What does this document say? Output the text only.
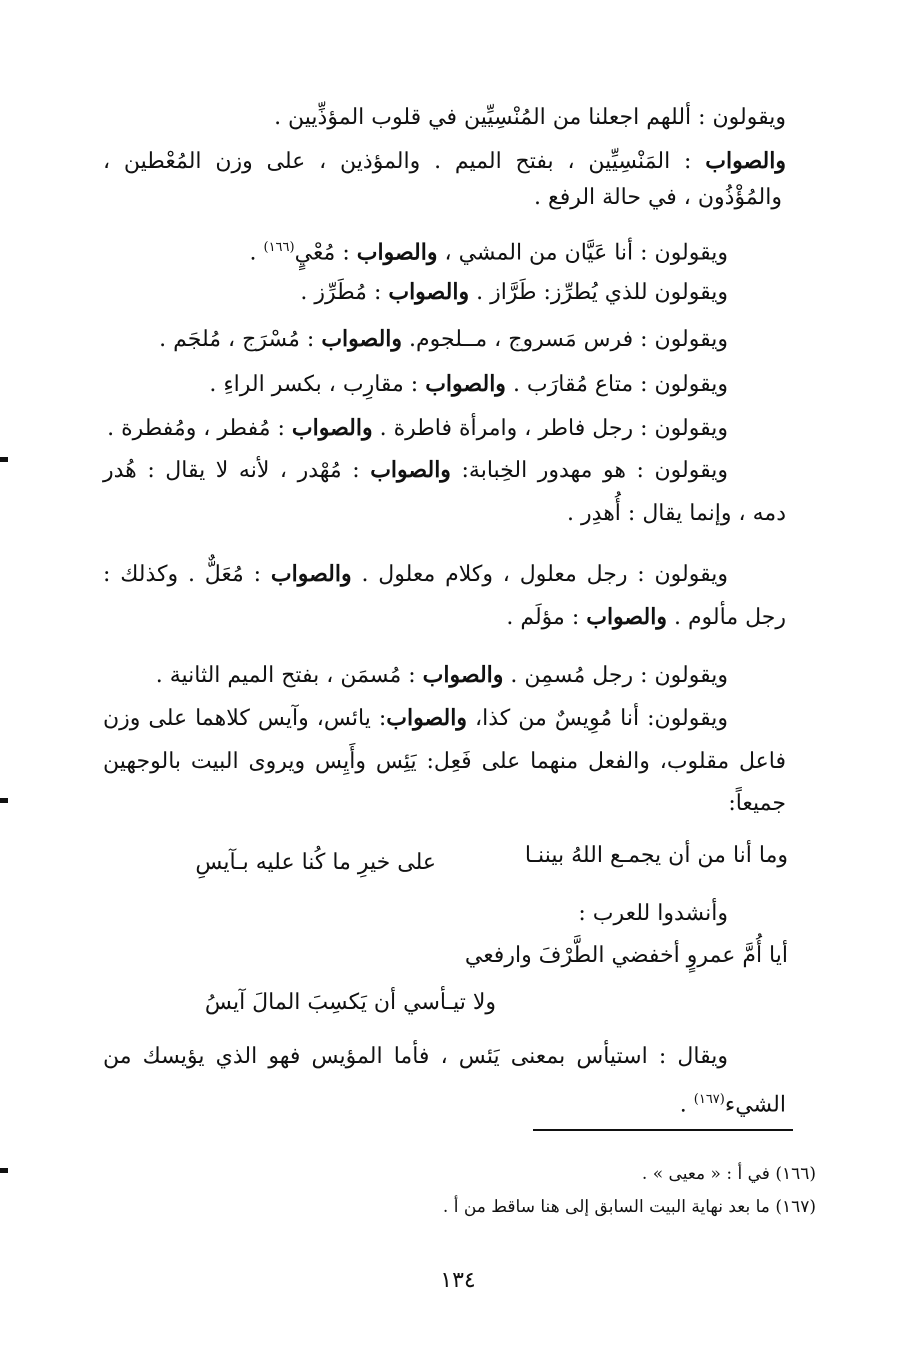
ويقولون : أللهم اجعلنا من المُنْسِيِّين في قلوب المؤذِّيين .
والصواب : المَنْسِيِّين ، بفتح الميم . والمؤذين ، على وزن المُعْطين ،
والمُؤْذُون ، في حالة الرفع .
ويقولون : أنا عَيَّان من المشي ، والصواب : مُعْيٍ$^{(١٦٦)}$ .
ويقولون للذي يُطرِّز: طَرَّاز . والصواب : مُطَرِّز .
ويقولون : فرس مَسروج ، مــلجوم. والصواب : مُسْرَج ، مُلجَم .
ويقولون : متاع مُقارَب . والصواب : مقارِب ، بكسر الراءِ .
ويقولون : رجل فاطر ، وامرأة فاطرة . والصواب : مُفطر ، ومُفطرة .
ويقولون : هو مهدور الخِبابة: والصواب : مُهْدر ، لأنه لا يقال : هُدر
دمه ، وإنما يقال : أُهدِر .
ويقولون : رجل معلول ، وكلام معلول . والصواب : مُعَلٌّ . وكذلك :
رجل مألوم . والصواب : مؤلَم .
ويقولون : رجل مُسمِن . والصواب : مُسمَن ، بفتح الميم الثانية .
ويقولون: أنا مُوِيسٌ من كذا، والصواب: يائس، وآيس كلاهما على وزن
فاعل مقلوب، والفعل منهما على فَعِل: يَئِس وأَيِس ويروى البيت بالوجهين
جميعاً:
وما أنا من أن يجمـع اللهُ بيننـا
على خيرِ ما كُنا عليه بـآيسِ
وأنشدوا للعرب :
أيا أُمَّ عمروٍ أخفضي الطَّرْفَ وارفعي
ولا تيـأسي أن يَكسِبَ المالَ آيسُ
ويقال : استيأس بمعنى يَئس ، فأما المؤيس فهو الذي يؤيسك من
الشيء$^{(١٦٧)}$ .
(١٦٦) في أ : « معيى » .
(١٦٧) ما بعد نهاية البيت السابق إلى هنا ساقط من أ .
١٣٤
